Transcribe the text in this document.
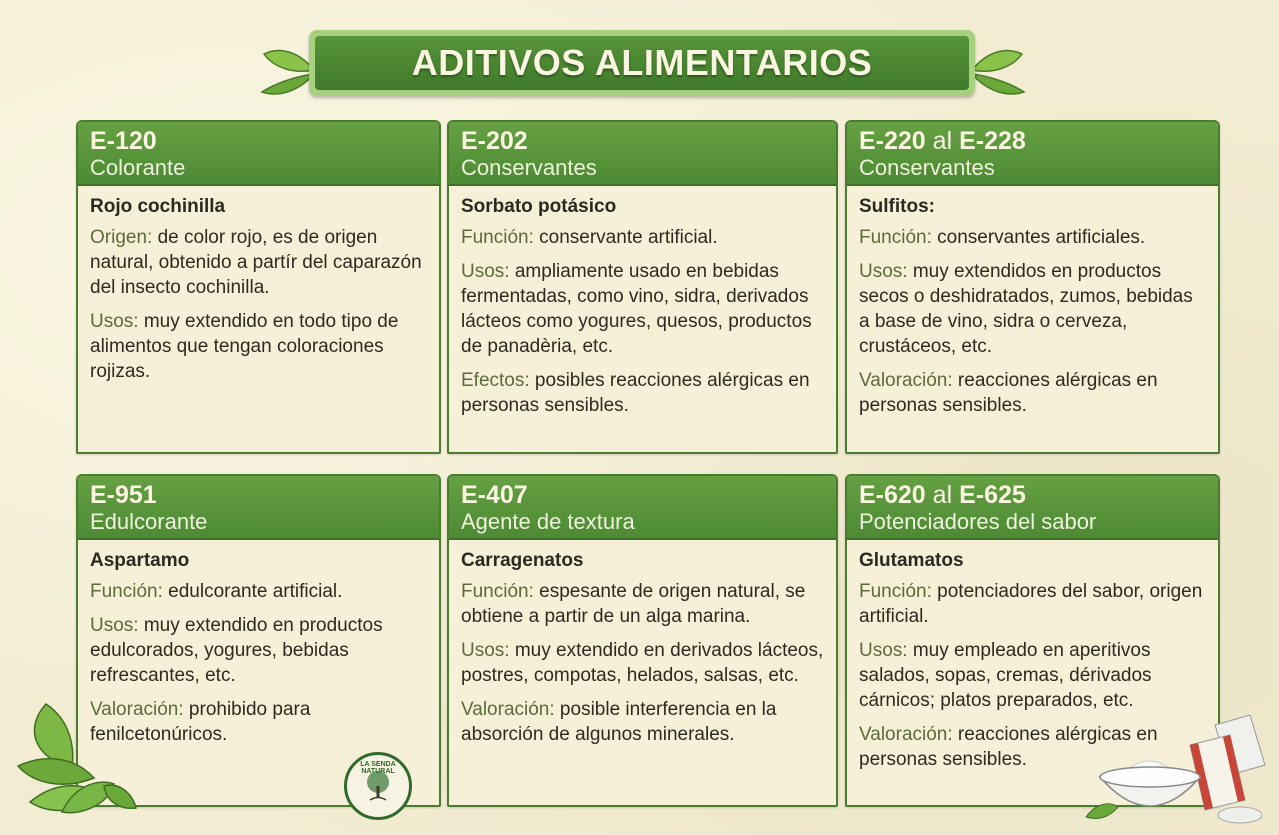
ADITIVOS ALIMENTARIOS
E-120
Colorante
Rojo cochinilla
Origen: de color rojo, es de origen natural, obtenido a partír del caparazón del insecto cochinilla.
Usos: muy extendido en todo tipo de alimentos que tengan coloraciones rojizas.
E-202
Conservantes
Sorbato potásico
Función: conservante artificial.
Usos: ampliamente usado en bebidas fermentadas, como vino, sidra, derivados lácteos como yogures, quesos, productos de panadèria, etc.
Efectos: posibles reacciones alérgicas en personas sensibles.
E-220 al E-228
Conservantes
Sulfitos:
Función: conservantes artificiales.
Usos: muy extendidos en productos secos o deshidratados, zumos, bebidas a base de vino, sidra o cerveza, crustáceos, etc.
Valoración: reacciones alérgicas en personas sensibles.
E-951
Edulcorante
Aspartamo
Función: edulcorante artificial.
Usos: muy extendido en productos edulcorados, yogures, bebidas refrescantes, etc.
Valoración: prohibido para fenilcetonúricos.
E-407
Agente de textura
Carragenatos
Función: espesante de origen natural, se obtiene a partir de un alga marina.
Usos: muy extendido en derivados lácteos, postres, compotas, helados, salsas, etc.
Valoración: posible interferencia en la absorción de algunos minerales.
E-620 al E-625
Potenciadores del sabor
Glutamatos
Función: potenciadores del sabor, origen artificial.
Usos: muy empleado en aperitivos salados, sopas, cremas, dérivados cárnicos; platos preparados, etc.
Valoración: reacciones alérgicas en personas sensibles.
LA SENDA NATURAL
